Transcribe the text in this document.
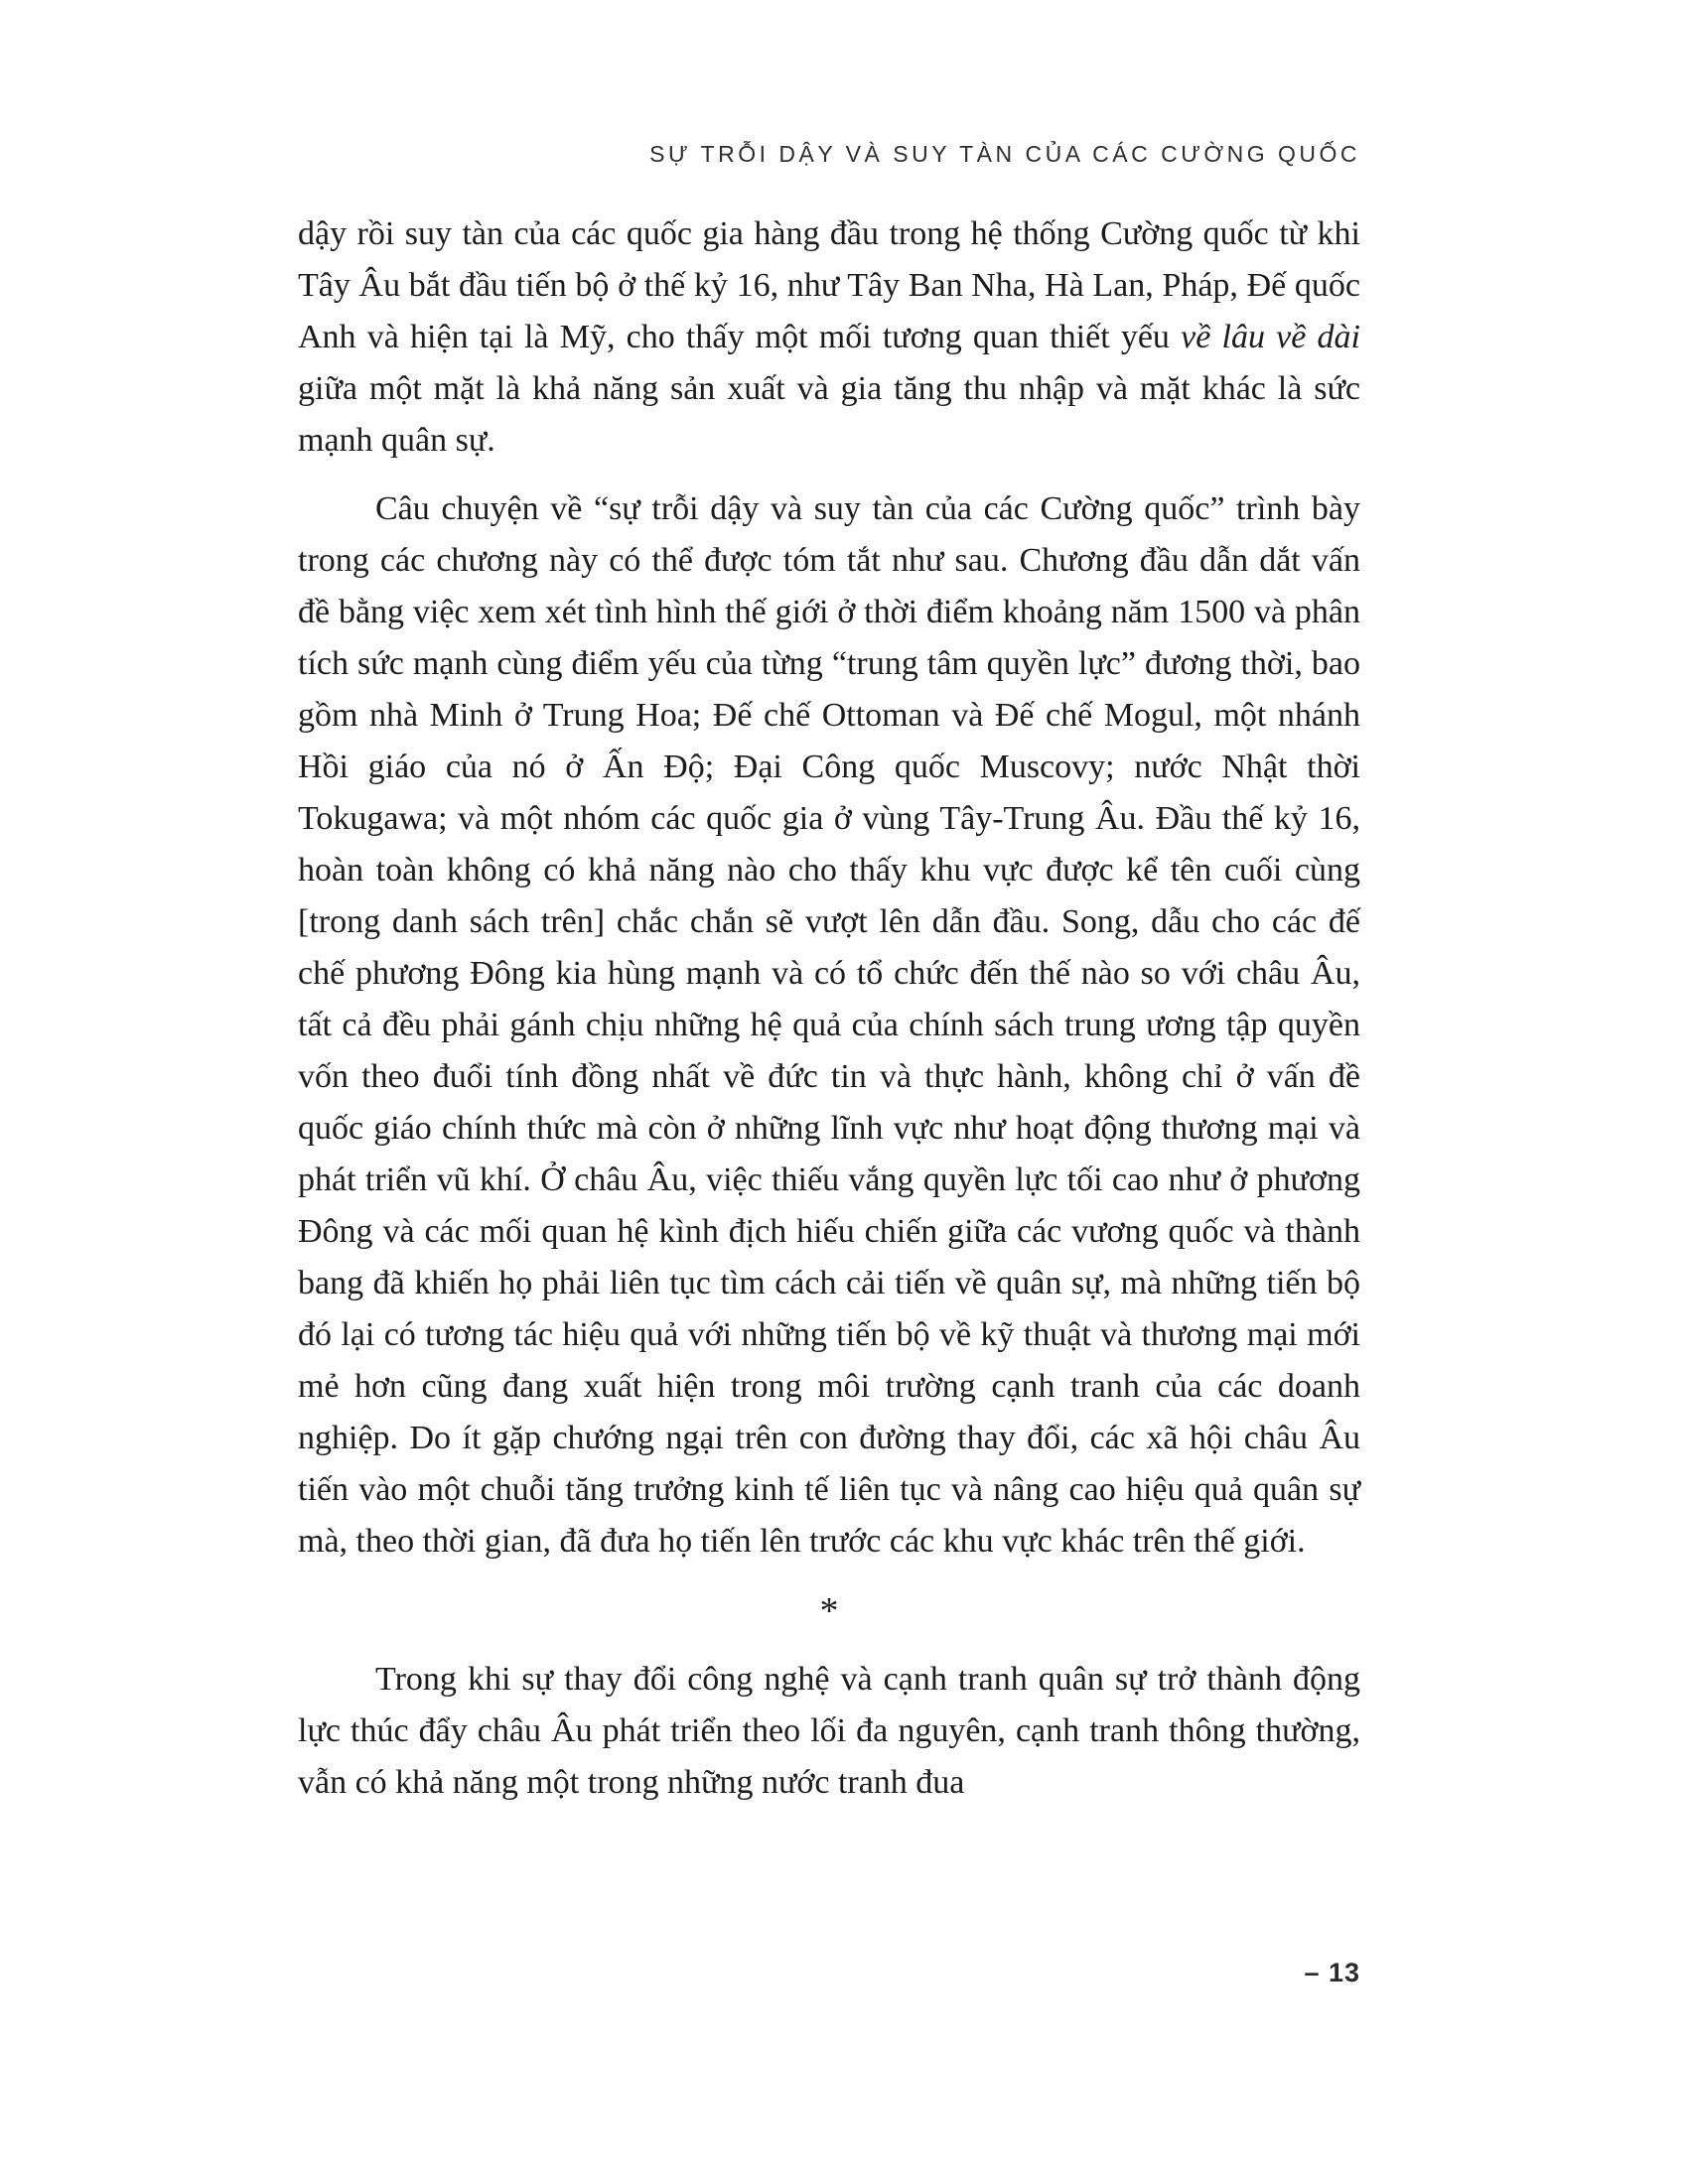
SỰ TRỖI DẬY VÀ SUY TÀN CỦA CÁC CƯỜNG QUỐC

dậy rồi suy tàn của các quốc gia hàng đầu trong hệ thống Cường quốc từ khi Tây Âu bắt đầu tiến bộ ở thế kỷ 16, như Tây Ban Nha, Hà Lan, Pháp, Đế quốc Anh và hiện tại là Mỹ, cho thấy một mối tương quan thiết yếu về lâu về dài giữa một mặt là khả năng sản xuất và gia tăng thu nhập và mặt khác là sức mạnh quân sự.

Câu chuyện về “sự trỗi dậy và suy tàn của các Cường quốc” trình bày trong các chương này có thể được tóm tắt như sau. Chương đầu dẫn dắt vấn đề bằng việc xem xét tình hình thế giới ở thời điểm khoảng năm 1500 và phân tích sức mạnh cùng điểm yếu của từng “trung tâm quyền lực” đương thời, bao gồm nhà Minh ở Trung Hoa; Đế chế Ottoman và Đế chế Mogul, một nhánh Hồi giáo của nó ở Ấn Độ; Đại Công quốc Muscovy; nước Nhật thời Tokugawa; và một nhóm các quốc gia ở vùng Tây-Trung Âu. Đầu thế kỷ 16, hoàn toàn không có khả năng nào cho thấy khu vực được kể tên cuối cùng [trong danh sách trên] chắc chắn sẽ vượt lên dẫn đầu. Song, dẫu cho các đế chế phương Đông kia hùng mạnh và có tổ chức đến thế nào so với châu Âu, tất cả đều phải gánh chịu những hệ quả của chính sách trung ương tập quyền vốn theo đuổi tính đồng nhất về đức tin và thực hành, không chỉ ở vấn đề quốc giáo chính thức mà còn ở những lĩnh vực như hoạt động thương mại và phát triển vũ khí. Ở châu Âu, việc thiếu vắng quyền lực tối cao như ở phương Đông và các mối quan hệ kình địch hiếu chiến giữa các vương quốc và thành bang đã khiến họ phải liên tục tìm cách cải tiến về quân sự, mà những tiến bộ đó lại có tương tác hiệu quả với những tiến bộ về kỹ thuật và thương mại mới mẻ hơn cũng đang xuất hiện trong môi trường cạnh tranh của các doanh nghiệp. Do ít gặp chướng ngại trên con đường thay đổi, các xã hội châu Âu tiến vào một chuỗi tăng trưởng kinh tế liên tục và nâng cao hiệu quả quân sự mà, theo thời gian, đã đưa họ tiến lên trước các khu vực khác trên thế giới.

*

Trong khi sự thay đổi công nghệ và cạnh tranh quân sự trở thành động lực thúc đẩy châu Âu phát triển theo lối đa nguyên, cạnh tranh thông thường, vẫn có khả năng một trong những nước tranh đua

– 13
